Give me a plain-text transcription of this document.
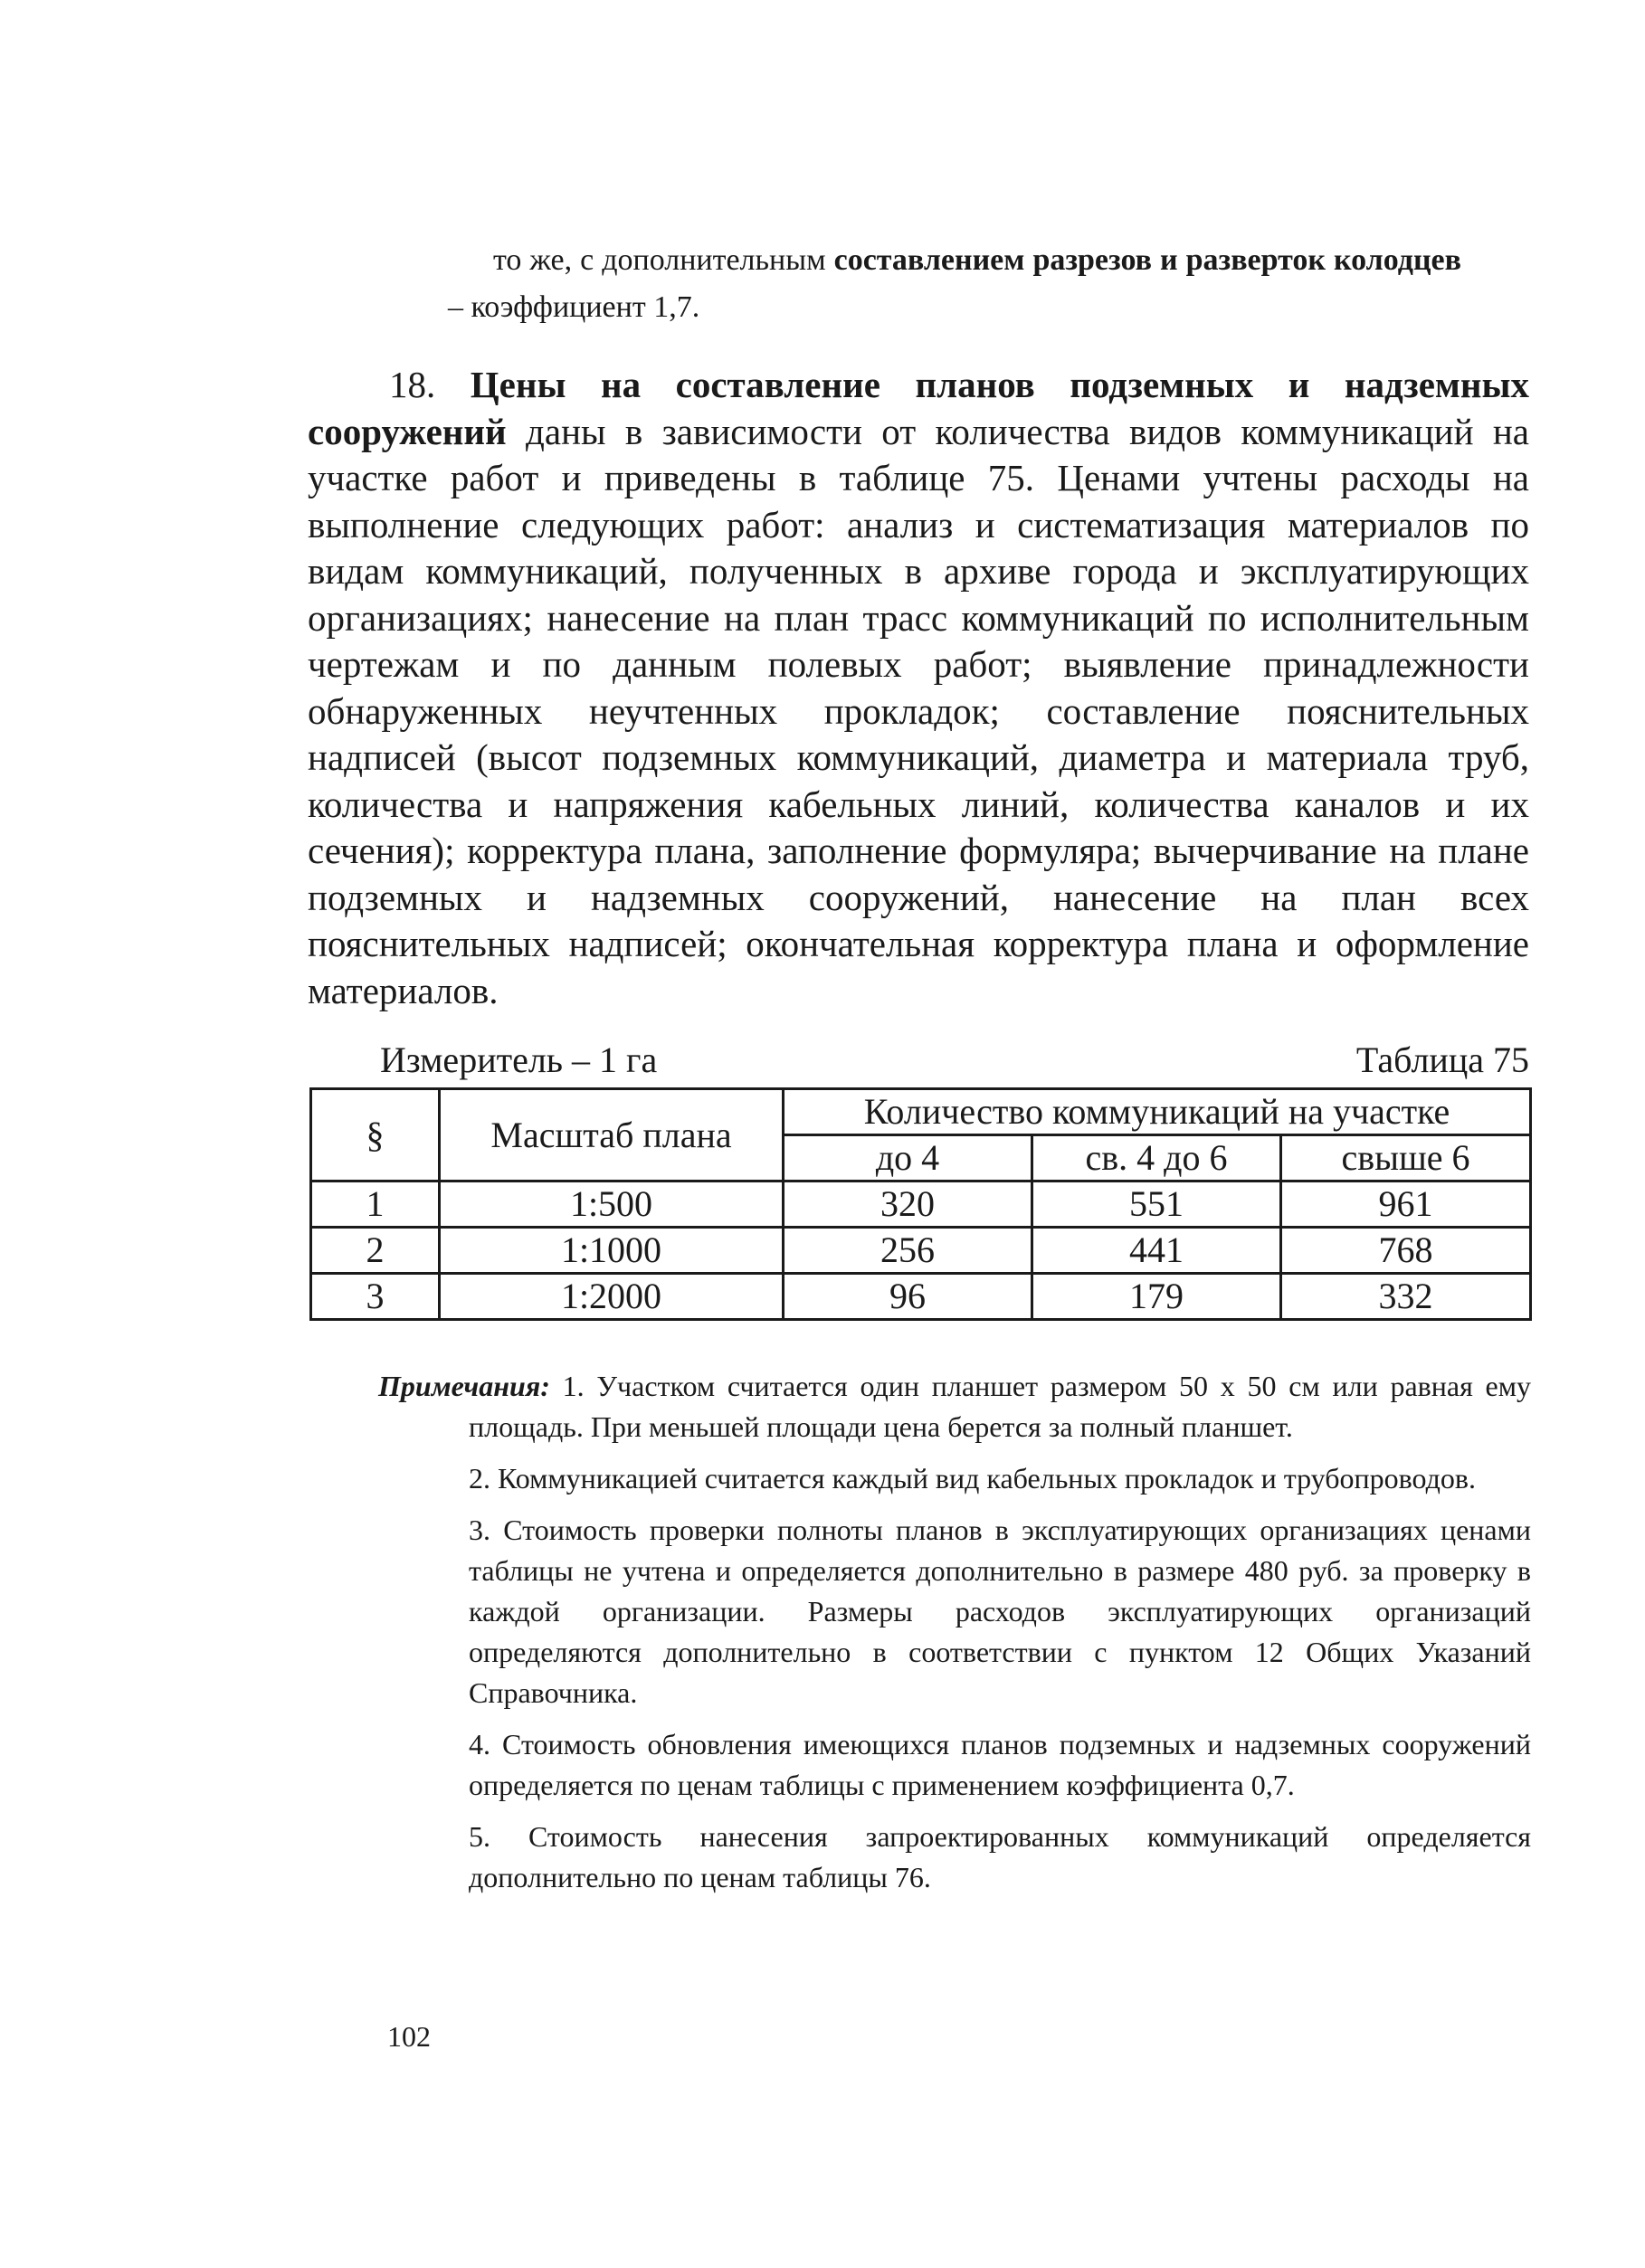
то же, с дополнительным составлением разрезов и разверток колодцев – коэффициент 1,7.
18. Цены на составление планов подземных и надземных сооружений даны в зависимости от количества видов коммуникаций на участке работ и приведены в таблице 75. Ценами учтены расходы на выполнение следующих работ: анализ и систематизация материалов по видам коммуникаций, полученных в архиве города и эксплуатирующих организациях; нанесение на план трасс коммуникаций по исполнительным чертежам и по данным полевых работ; выявление принадлежности обнаруженных неучтенных прокладок; составление пояснительных надписей (высот подземных коммуникаций, диаметра и материала труб, количества и напряжения кабельных линий, количества каналов и их сечения); корректура плана, заполнение формуляра; вычерчивание на плане подземных и надземных сооружений, нанесение на план всех пояснительных надписей; окончательная корректура плана и оформление материалов.
Измеритель – 1 га	Таблица 75
§	Масштаб плана	Количество коммуникаций на участке		
		до 4	св. 4 до 6	свыше 6
1	1:500	320	551	961
2	1:1000	256	441	768
3	1:2000	96	179	332
Примечания: 1. Участком считается один планшет размером 50 х 50 см или равная ему площадь. При меньшей площади цена берется за полный планшет.
2. Коммуникацией считается каждый вид кабельных прокладок и трубопроводов.
3. Стоимость проверки полноты планов в эксплуатирующих организациях ценами таблицы не учтена и определяется дополнительно в размере 480 руб. за проверку в каждой организации. Размеры расходов эксплуатирующих организаций определяются дополнительно в соответствии с пунктом 12 Общих Указаний Справочника.
4. Стоимость обновления имеющихся планов подземных и надземных сооружений определяется по ценам таблицы с применением коэффициента 0,7.
5. Стоимость нанесения запроектированных коммуникаций определяется дополнительно по ценам таблицы 76.
102
